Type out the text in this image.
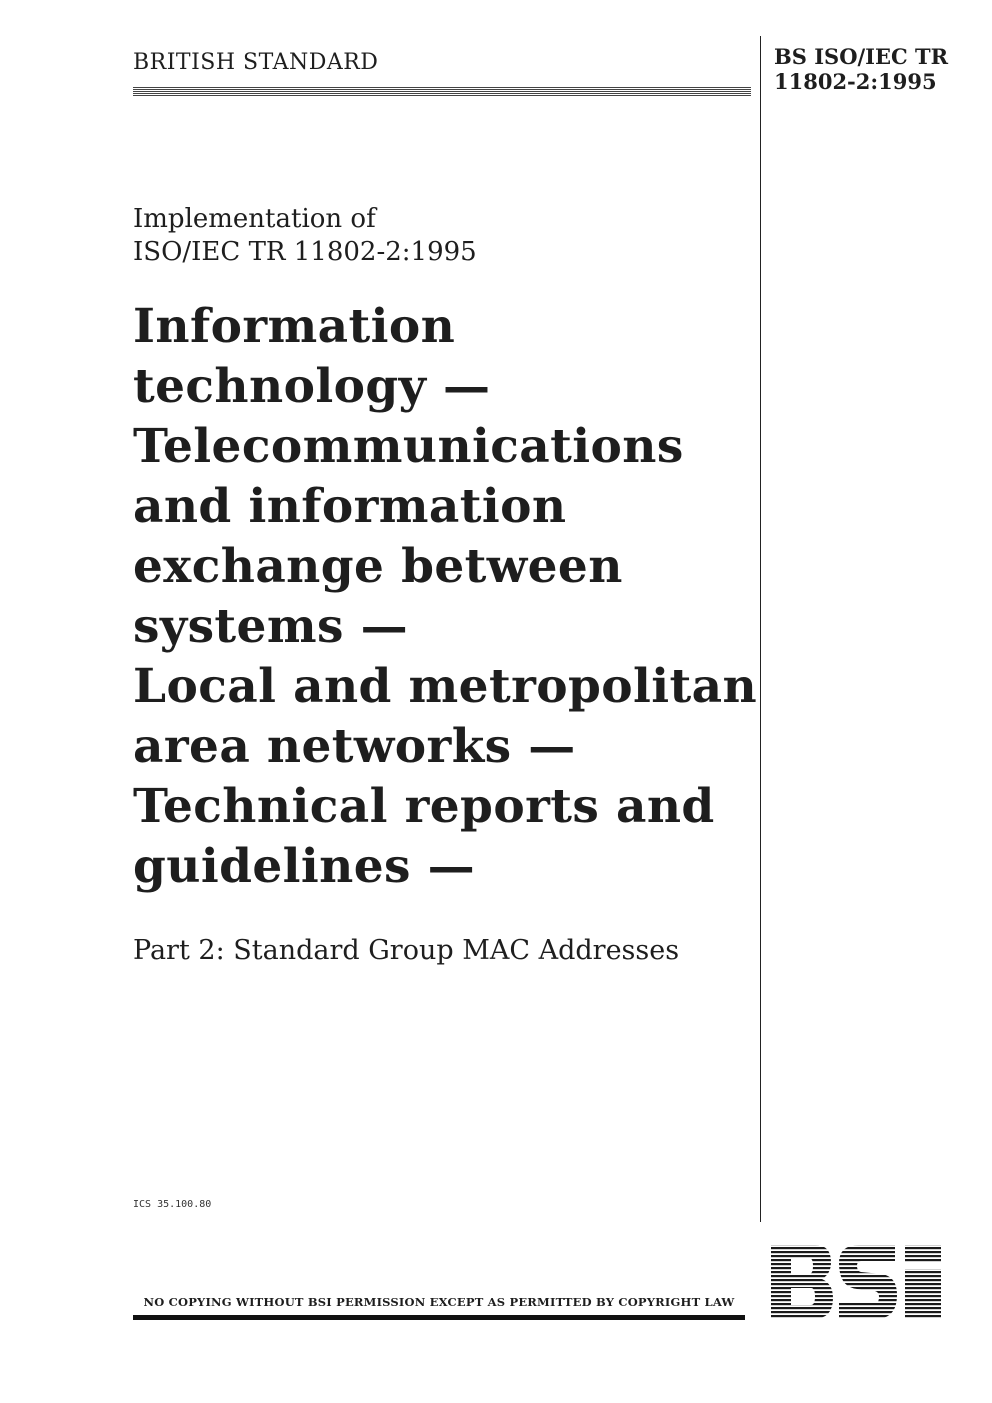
BRITISH STANDARD	BS ISO/IEC TR
11802-2:1995
Implementation of
ISO/IEC TR 11802-2:1995
Information
technology —
Telecommunications
and information
exchange between
systems —
Local and metropolitan
area networks —
Technical reports and
guidelines —
Part 2: Standard Group MAC Addresses
ICS 35.100.80
NO COPYING WITHOUT BSI PERMISSION EXCEPT AS PERMITTED BY COPYRIGHT LAW
